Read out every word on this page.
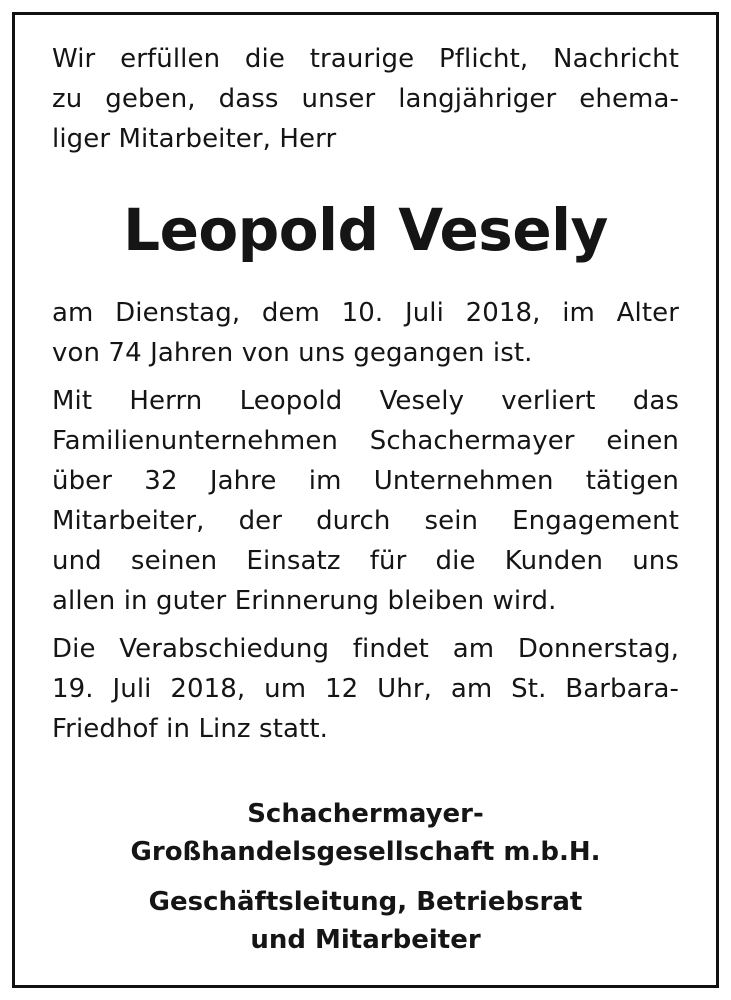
Wir erfüllen die traurige Pflicht, Nachricht
zu geben, dass unser langjähriger ehema-
liger Mitarbeiter, Herr

Leopold Vesely

am Dienstag, dem 10. Juli 2018, im Alter
von 74 Jahren von uns gegangen ist.

Mit Herrn Leopold Vesely verliert das
Familienunternehmen Schachermayer einen
über 32 Jahre im Unternehmen tätigen
Mitarbeiter, der durch sein Engagement
und seinen Einsatz für die Kunden uns
allen in guter Erinnerung bleiben wird.

Die Verabschiedung findet am Donnerstag,
19. Juli 2018, um 12 Uhr, am St. Barbara-
Friedhof in Linz statt.

Schachermayer-
Großhandelsgesellschaft m.b.H.
Geschäftsleitung, Betriebsrat
und Mitarbeiter
